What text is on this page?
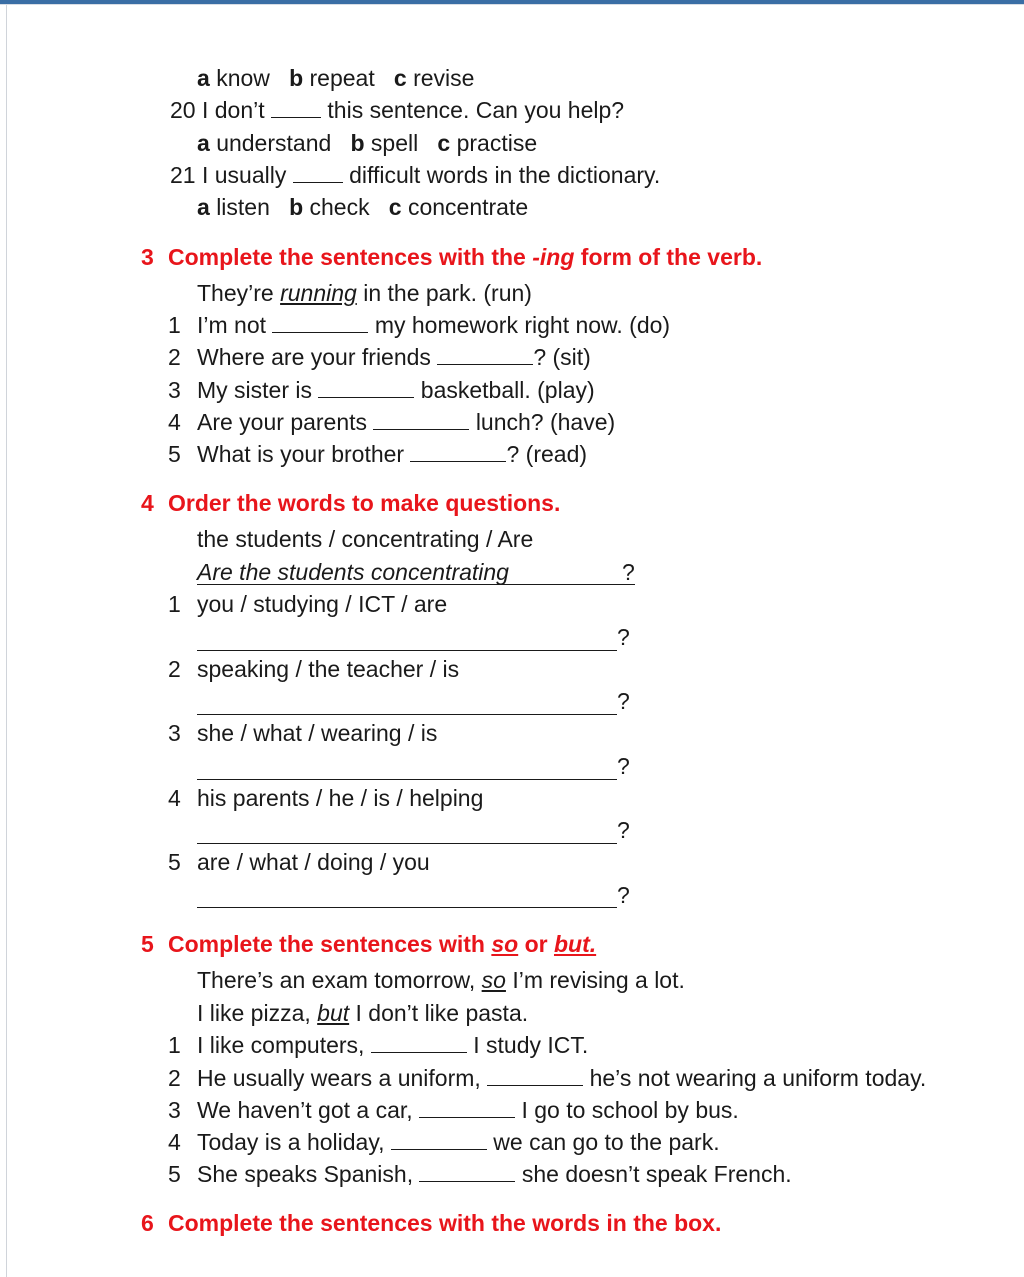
a know b repeat c revise
20 I don’t	this sentence. Can you help?
a understand b spell c practise
21 I usually	difficult words in the dictionary.
a listen b check c concentrate
3 Complete the sentences with the -ing form of the verb.
They’re running in the park. (run)
1 I’m not	my homework right now. (do)
2 Where are your friends	? (sit)
3 My sister is	basketball. (play)
4 Are your parents	lunch? (have)
5 What is your brother	? (read)
4 Order the words to make questions.
the students / concentrating / Are
Are the students concentrating	?
1 you / studying / ICT / are
?
2 speaking / the teacher / is
?
3 she / what / wearing / is
?
4 his parents / he / is / helping
?
5 are / what / doing / you
?
5 Complete the sentences with so or but.
There’s an exam tomorrow, so I’m revising a lot.
I like pizza, but I don’t like pasta.
1 I like computers,	I study ICT.
2 He usually wears a uniform,	he’s not wearing a uniform today.
3 We haven’t got a car,	I go to school by bus.
4 Today is a holiday,	we can go to the park.
5 She speaks Spanish,	she doesn’t speak French.
6 Complete the sentences with the words in the box.
